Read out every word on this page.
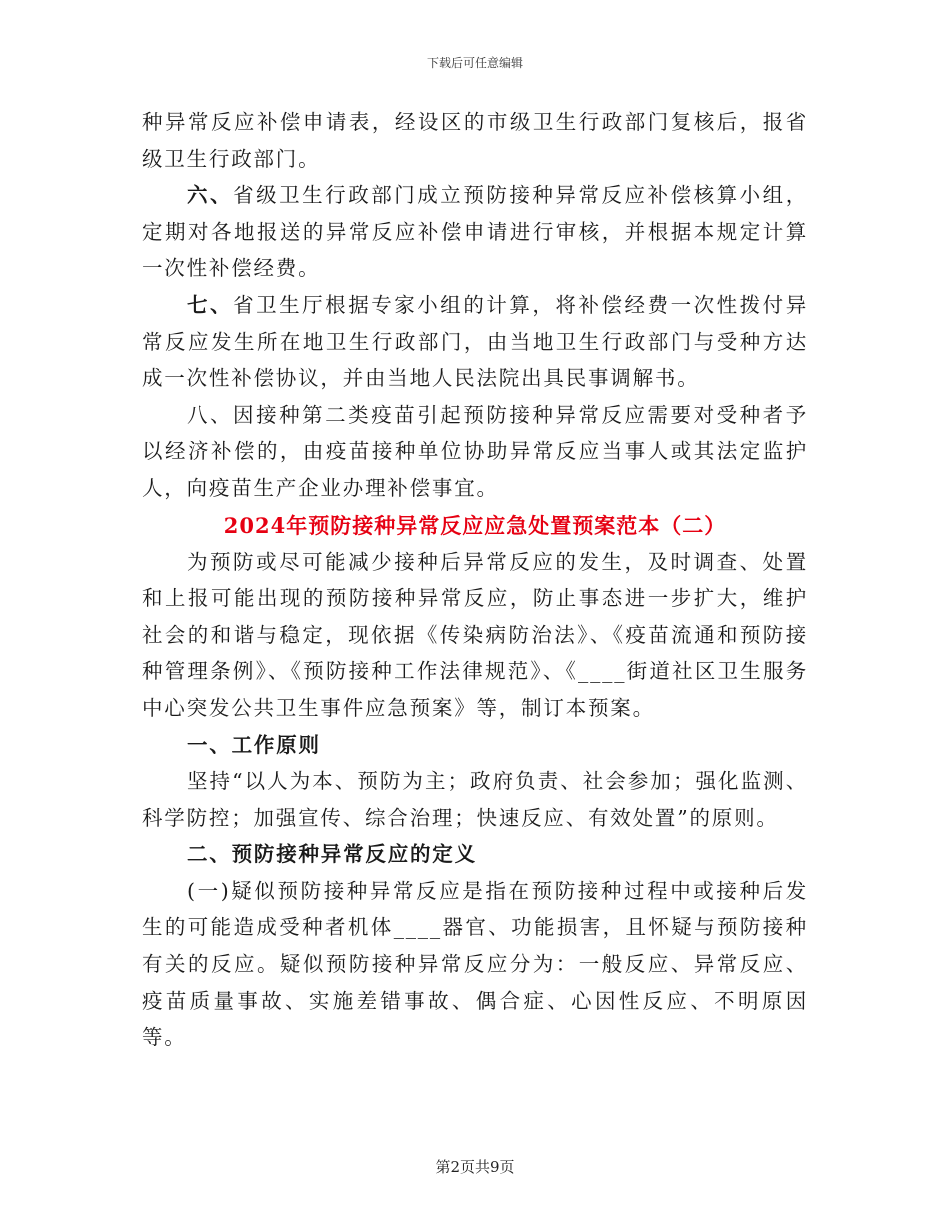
下载后可任意编辑

种异常反应补偿申请表，经设区的市级卫生行政部门复核后，报省级卫生行政部门。

六、省级卫生行政部门成立预防接种异常反应补偿核算小组，定期对各地报送的异常反应补偿申请进行审核，并根据本规定计算一次性补偿经费。

七、省卫生厅根据专家小组的计算，将补偿经费一次性拨付异常反应发生所在地卫生行政部门，由当地卫生行政部门与受种方达成一次性补偿协议，并由当地人民法院出具民事调解书。

八、因接种第二类疫苗引起预防接种异常反应需要对受种者予以经济补偿的，由疫苗接种单位协助异常反应当事人或其法定监护人，向疫苗生产企业办理补偿事宜。

2024年预防接种异常反应应急处置预案范本（二）

为预防或尽可能减少接种后异常反应的发生，及时调查、处置和上报可能出现的预防接种异常反应，防止事态进一步扩大，维护社会的和谐与稳定，现依据《传染病防治法》、《疫苗流通和预防接种管理条例》、《预防接种工作法律规范》、《____街道社区卫生服务中心突发公共卫生事件应急预案》等，制订本预案。

一、工作原则

坚持“以人为本、预防为主；政府负责、社会参加；强化监测、科学防控；加强宣传、综合治理；快速反应、有效处置”的原则。

二、预防接种异常反应的定义

(一)疑似预防接种异常反应是指在预防接种过程中或接种后发生的可能造成受种者机体____器官、功能损害，且怀疑与预防接种有关的反应。疑似预防接种异常反应分为：一般反应、异常反应、疫苗质量事故、实施差错事故、偶合症、心因性反应、不明原因等。

第2页共9页
